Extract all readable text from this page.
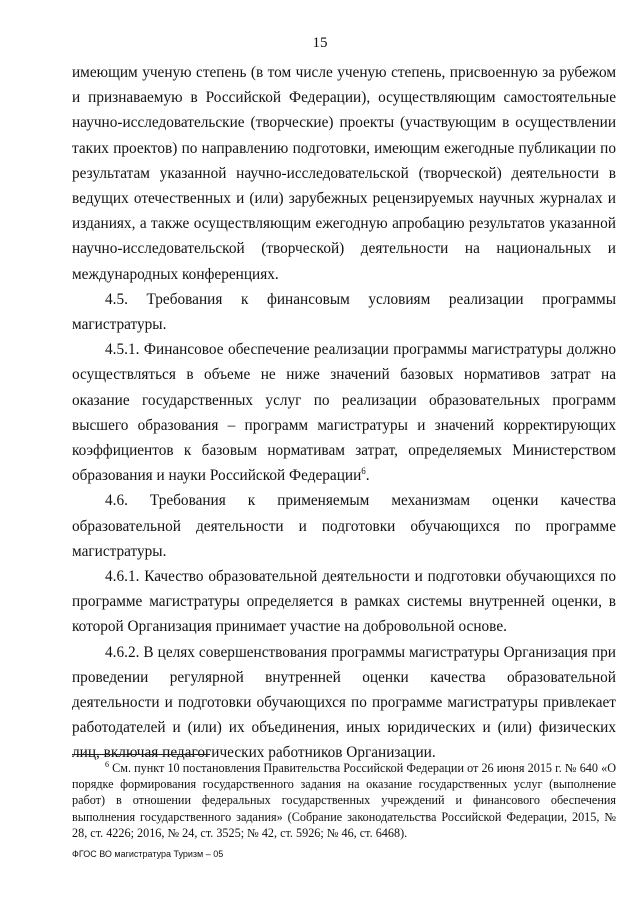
15

имеющим ученую степень (в том числе ученую степень, присвоенную за рубежом и признаваемую в Российской Федерации), осуществляющим самостоятельные научно-исследовательские (творческие) проекты (участвующим в осуществлении таких проектов) по направлению подготовки, имеющим ежегодные публикации по результатам указанной научно-исследовательской (творческой) деятельности в ведущих отечественных и (или) зарубежных рецензируемых научных журналах и изданиях, а также осуществляющим ежегодную апробацию результатов указанной научно-исследовательской (творческой) деятельности на национальных и международных конференциях.

4.5. Требования к финансовым условиям реализации программы магистратуры.

4.5.1. Финансовое обеспечение реализации программы магистратуры должно осуществляться в объеме не ниже значений базовых нормативов затрат на оказание государственных услуг по реализации образовательных программ высшего образования – программ магистратуры и значений корректирующих коэффициентов к базовым нормативам затрат, определяемых Министерством образования и науки Российской Федерации$^6$.

4.6. Требования к применяемым механизмам оценки качества образовательной деятельности и подготовки обучающихся по программе магистратуры.

4.6.1. Качество образовательной деятельности и подготовки обучающихся по программе магистратуры определяется в рамках системы внутренней оценки, в которой Организация принимает участие на добровольной основе.

4.6.2. В целях совершенствования программы магистратуры Организация при проведении регулярной внутренней оценки качества образовательной деятельности и подготовки обучающихся по программе магистратуры привлекает работодателей и (или) их объединения, иных юридических и (или) физических лиц, включая педагогических работников Организации.

$^6$ См. пункт 10 постановления Правительства Российской Федерации от 26 июня 2015 г. № 640 «О порядке формирования государственного задания на оказание государственных услуг (выполнение работ) в отношении федеральных государственных учреждений и финансового обеспечения выполнения государственного задания» (Собрание законодательства Российской Федерации, 2015, № 28, ст. 4226; 2016, № 24, ст. 3525; № 42, ст. 5926; № 46, ст. 6468).

ФГОС ВО магистратура Туризм – 05
